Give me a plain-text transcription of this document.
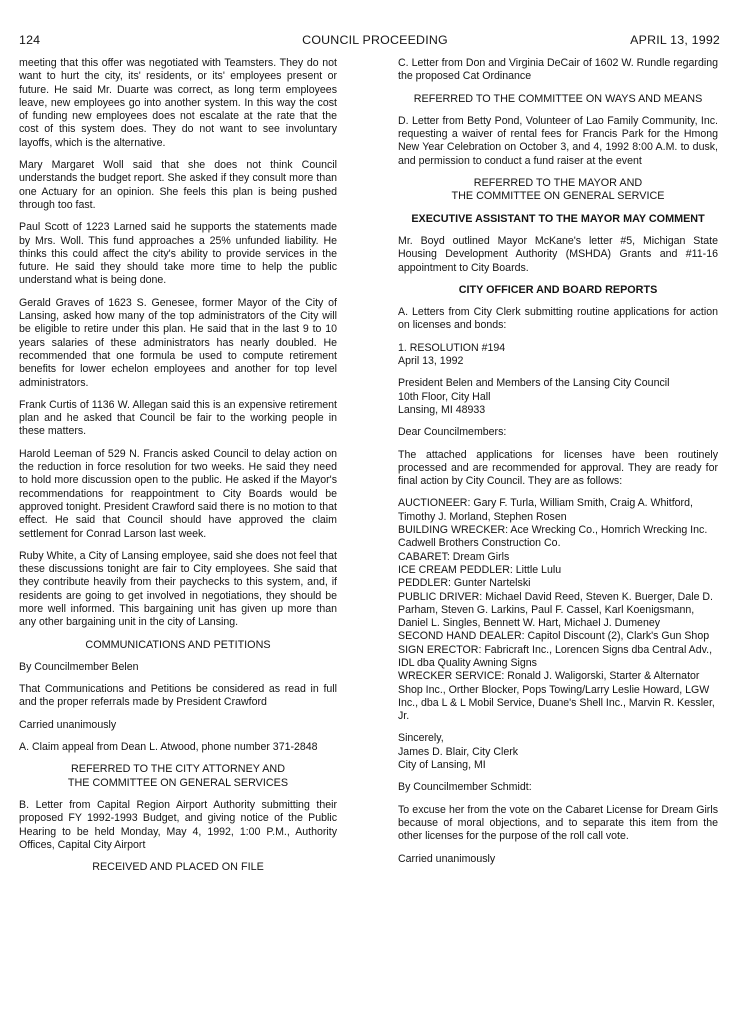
124	COUNCIL PROCEEDING	APRIL 13, 1992

meeting that this offer was negotiated with Teamsters. They do not want to hurt the city, its' residents, or its' employees present or future. He said Mr. Duarte was correct, as long term employees leave, new employees go into another system. In this way the cost of funding new employees does not escalate at the rate that the cost of this system does. They do not want to see involuntary layoffs, which is the alternative.

Mary Margaret Woll said that she does not think Council understands the budget report. She asked if they consult more than one Actuary for an opinion. She feels this plan is being pushed through too fast.

Paul Scott of 1223 Larned said he supports the statements made by Mrs. Woll. This fund approaches a 25% unfunded liability. He thinks this could affect the city's ability to provide services in the future. He said they should take more time to help the public understand what is being done.

Gerald Graves of 1623 S. Genesee, former Mayor of the City of Lansing, asked how many of the top administrators of the City will be eligible to retire under this plan. He said that in the last 9 to 10 years salaries of these administrators has nearly doubled. He recommended that one formula be used to compute retirement benefits for lower echelon employees and another for top level administrators.

Frank Curtis of 1136 W. Allegan said this is an expensive retirement plan and he asked that Council be fair to the working people in these matters.

Harold Leeman of 529 N. Francis asked Council to delay action on the reduction in force resolution for two weeks. He said they need to hold more discussion open to the public. He asked if the Mayor's recommendations for reappointment to City Boards would be approved tonight. President Crawford said there is no motion to that effect. He said that Council should have approved the claim settlement for Conrad Larson last week.

Ruby White, a City of Lansing employee, said she does not feel that these discussions tonight are fair to City employees. She said that they contribute heavily from their paychecks to this system, and, if residents are going to get involved in negotiations, they should be more well informed. This bargaining unit has given up more than any other bargaining unit in the city of Lansing.

COMMUNICATIONS AND PETITIONS

By Councilmember Belen

That Communications and Petitions be considered as read in full and the proper referrals made by President Crawford

Carried unanimously

A. Claim appeal from Dean L. Atwood, phone number 371-2848

REFERRED TO THE CITY ATTORNEY AND
THE COMMITTEE ON GENERAL SERVICES

B. Letter from Capital Region Airport Authority submitting their proposed FY 1992-1993 Budget, and giving notice of the Public Hearing to be held Monday, May 4, 1992, 1:00 P.M., Authority Offices, Capital City Airport

RECEIVED AND PLACED ON FILE

C. Letter from Don and Virginia DeCair of 1602 W. Rundle regarding the proposed Cat Ordinance

REFERRED TO THE COMMITTEE ON WAYS AND MEANS

D. Letter from Betty Pond, Volunteer of Lao Family Community, Inc. requesting a waiver of rental fees for Francis Park for the Hmong New Year Celebration on October 3, and 4, 1992 8:00 A.M. to dusk, and permission to conduct a fund raiser at the event

REFERRED TO THE MAYOR AND
THE COMMITTEE ON GENERAL SERVICE
EXECUTIVE ASSISTANT TO THE MAYOR MAY COMMENT

Mr. Boyd outlined Mayor McKane's letter #5, Michigan State Housing Development Authority (MSHDA) Grants and #11-16 appointment to City Boards.

CITY OFFICER AND BOARD REPORTS

A. Letters from City Clerk submitting routine applications for action on licenses and bonds:

1. RESOLUTION #194
April 13, 1992

President Belen and Members of the Lansing City Council
10th Floor, City Hall
Lansing, MI 48933

Dear Councilmembers:

The attached applications for licenses have been routinely processed and are recommended for approval. They are ready for final action by City Council. They are as follows:

AUCTIONEER: Gary F. Turla, William Smith, Craig A. Whitford, Timothy J. Morland, Stephen Rosen
BUILDING WRECKER: Ace Wrecking Co., Homrich Wrecking Inc. Cadwell Brothers Construction Co.
CABARET: Dream Girls
ICE CREAM PEDDLER: Little Lulu
PEDDLER: Gunter Nartelski
PUBLIC DRIVER: Michael David Reed, Steven K. Buerger, Dale D. Parham, Steven G. Larkins, Paul F. Cassel, Karl Koenigsmann, Daniel L. Singles, Bennett W. Hart, Michael J. Dumeney
SECOND HAND DEALER: Capitol Discount (2), Clark's Gun Shop
SIGN ERECTOR: Fabricraft Inc., Lorencen Signs dba Central Adv., IDL dba Quality Awning Signs
WRECKER SERVICE: Ronald J. Waligorski, Starter & Alternator Shop Inc., Orther Blocker, Pops Towing/Larry Leslie Howard, LGW Inc., dba L & L Mobil Service, Duane's Shell Inc., Marvin R. Kessler, Jr.

Sincerely,
James D. Blair, City Clerk
City of Lansing, MI

By Councilmember Schmidt:

To excuse her from the vote on the Cabaret License for Dream Girls because of moral objections, and to separate this item from the other licenses for the purpose of the roll call vote.

Carried unanimously
